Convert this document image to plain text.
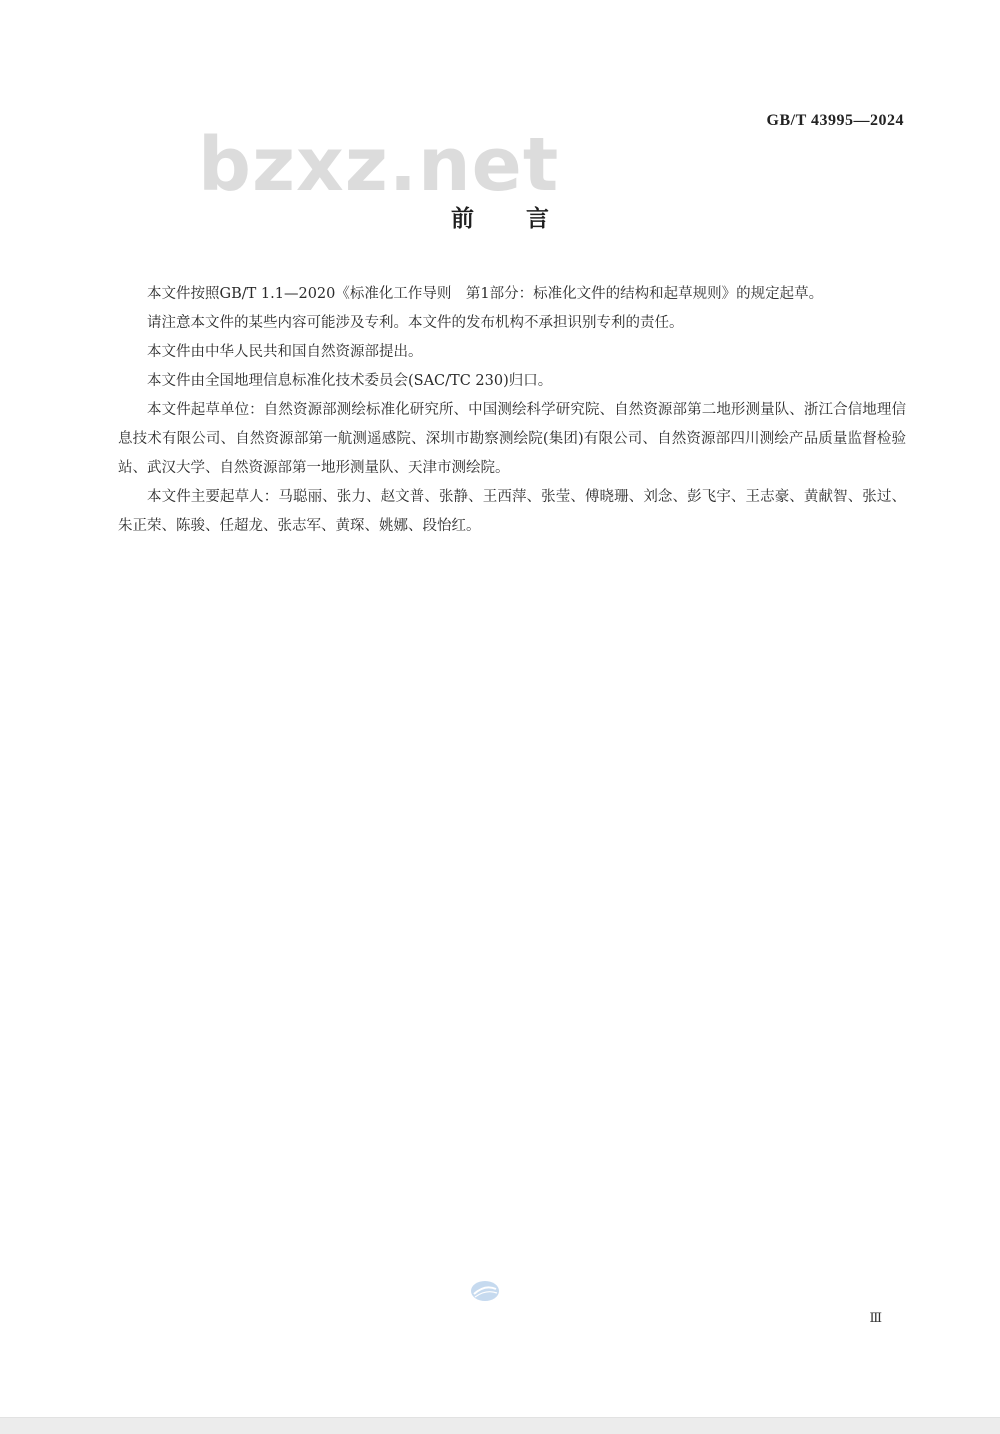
GB/T 43995—2024
bzxz.net
前言

本文件按照GB/T 1.1—2020《标准化工作导则　第1部分：标准化文件的结构和起草规则》的规定起草。

请注意本文件的某些内容可能涉及专利。本文件的发布机构不承担识别专利的责任。

本文件由中华人民共和国自然资源部提出。

本文件由全国地理信息标准化技术委员会(SAC/TC 230)归口。

本文件起草单位：自然资源部测绘标准化研究所、中国测绘科学研究院、自然资源部第二地形测量队、浙江合信地理信息技术有限公司、自然资源部第一航测遥感院、深圳市勘察测绘院(集团)有限公司、自然资源部四川测绘产品质量监督检验站、武汉大学、自然资源部第一地形测量队、天津市测绘院。

本文件主要起草人：马聪丽、张力、赵文普、张静、王西萍、张莹、傅晓珊、刘念、彭飞宇、王志豪、黄献智、张过、朱正荣、陈骏、任超龙、张志军、黄琛、姚娜、段怡红。

Ⅲ
